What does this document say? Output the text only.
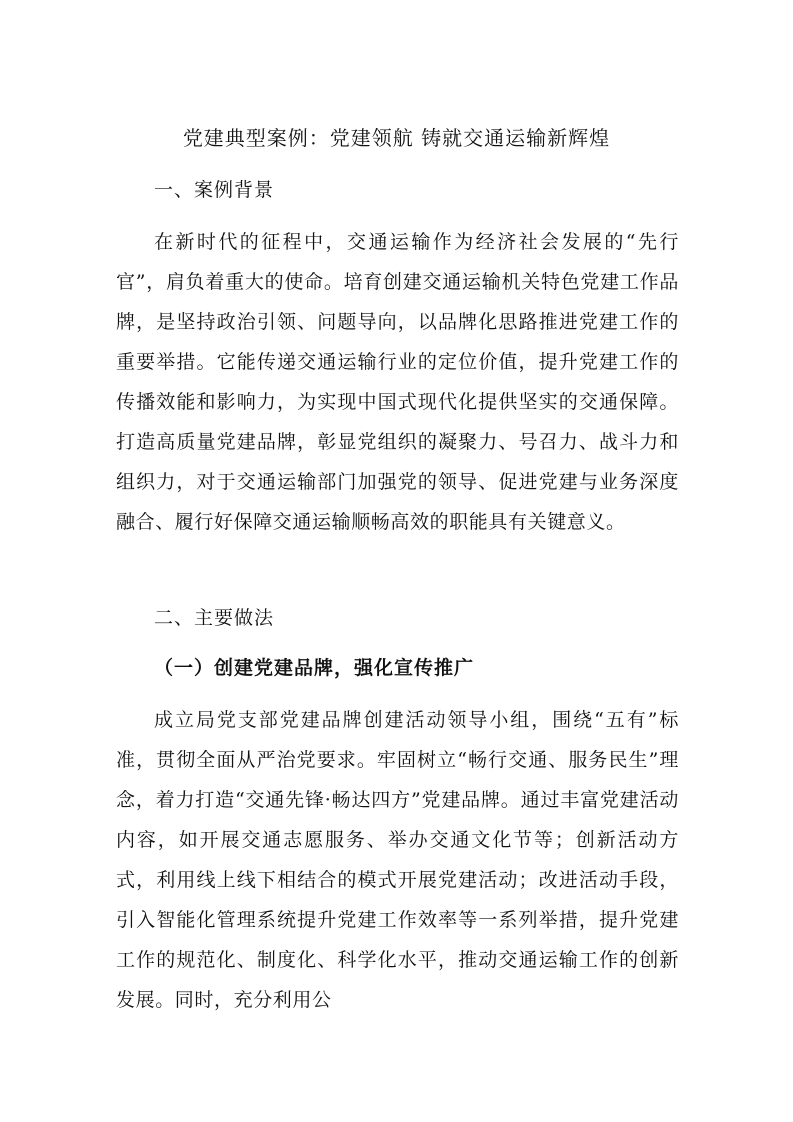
党建典型案例：党建领航 铸就交通运输新辉煌
一、案例背景

在新时代的征程中，交通运输作为经济社会发展的“先行官”，肩负着重大的使命。培育创建交通运输机关特色党建工作品牌，是坚持政治引领、问题导向，以品牌化思路推进党建工作的重要举措。它能传递交通运输行业的定位价值，提升党建工作的传播效能和影响力，为实现中国式现代化提供坚实的交通保障。打造高质量党建品牌，彰显党组织的凝聚力、号召力、战斗力和组织力，对于交通运输部门加强党的领导、促进党建与业务深度融合、履行好保障交通运输顺畅高效的职能具有关键意义。

二、主要做法
（一）创建党建品牌，强化宣传推广

成立局党支部党建品牌创建活动领导小组，围绕“五有”标准，贯彻全面从严治党要求。牢固树立“畅行交通、服务民生”理念，着力打造“交通先锋·畅达四方”党建品牌。通过丰富党建活动内容，如开展交通志愿服务、举办交通文化节等；创新活动方式，利用线上线下相结合的模式开展党建活动；改进活动手段，引入智能化管理系统提升党建工作效率等一系列举措，提升党建工作的规范化、制度化、科学化水平，推动交通运输工作的创新发展。同时，充分利用公
